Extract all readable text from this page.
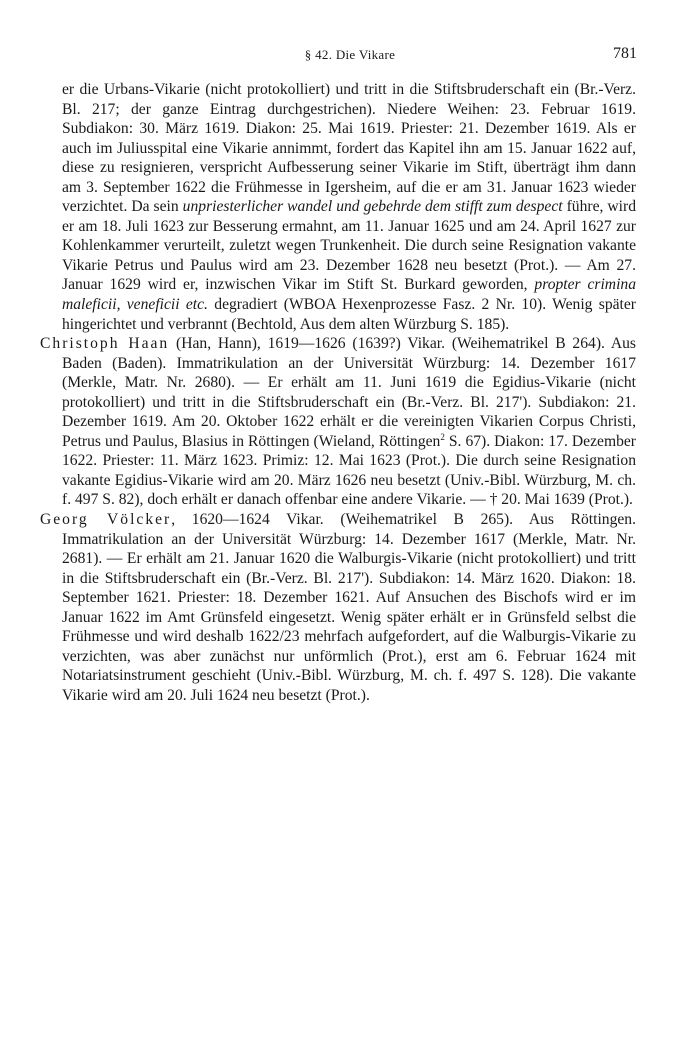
§ 42. Die Vikare	781

er die Urbans-Vikarie (nicht protokolliert) und tritt in die Stiftsbruderschaft ein (Br.-Verz. Bl. 217; der ganze Eintrag durchgestrichen). Niedere Weihen: 23. Februar 1619. Subdiakon: 30. März 1619. Diakon: 25. Mai 1619. Priester: 21. Dezember 1619. Als er auch im Juliusspital eine Vikarie annimmt, fordert das Kapitel ihn am 15. Januar 1622 auf, diese zu resignieren, verspricht Aufbesserung seiner Vikarie im Stift, überträgt ihm dann am 3. September 1622 die Frühmesse in Igersheim, auf die er am 31. Januar 1623 wieder verzichtet. Da sein unpriesterlicher wandel und gebehrde dem stifft zum despect führe, wird er am 18. Juli 1623 zur Besserung ermahnt, am 11. Januar 1625 und am 24. April 1627 zur Kohlenkammer verurteilt, zuletzt wegen Trunkenheit. Die durch seine Resignation vakante Vikarie Petrus und Paulus wird am 23. Dezember 1628 neu besetzt (Prot.). — Am 27. Januar 1629 wird er, inzwischen Vikar im Stift St. Burkard geworden, propter crimina maleficii, veneficii etc. degradiert (WBOA Hexenprozesse Fasz. 2 Nr. 10). Wenig später hingerichtet und verbrannt (Bechtold, Aus dem alten Würzburg S. 185).

Christoph Haan (Han, Hann), 1619—1626 (1639?) Vikar. (Weihematrikel B 264). Aus Baden (Baden). Immatrikulation an der Universität Würzburg: 14. Dezember 1617 (Merkle, Matr. Nr. 2680). — Er erhält am 11. Juni 1619 die Egidius-Vikarie (nicht protokolliert) und tritt in die Stiftsbruderschaft ein (Br.-Verz. Bl. 217'). Subdiakon: 21. Dezember 1619. Am 20. Oktober 1622 erhält er die vereinigten Vikarien Corpus Christi, Petrus und Paulus, Blasius in Röttingen (Wieland, Röttingen$^2$ S. 67). Diakon: 17. Dezember 1622. Priester: 11. März 1623. Primiz: 12. Mai 1623 (Prot.). Die durch seine Resignation vakante Egidius-Vikarie wird am 20. März 1626 neu besetzt (Univ.-Bibl. Würzburg, M. ch. f. 497 S. 82), doch erhält er danach offenbar eine andere Vikarie. — † 20. Mai 1639 (Prot.).

Georg Völcker, 1620—1624 Vikar. (Weihematrikel B 265). Aus Röttingen. Immatrikulation an der Universität Würzburg: 14. Dezember 1617 (Merkle, Matr. Nr. 2681). — Er erhält am 21. Januar 1620 die Walburgis-Vikarie (nicht protokolliert) und tritt in die Stiftsbruderschaft ein (Br.-Verz. Bl. 217'). Subdiakon: 14. März 1620. Diakon: 18. September 1621. Priester: 18. Dezember 1621. Auf Ansuchen des Bischofs wird er im Januar 1622 im Amt Grünsfeld eingesetzt. Wenig später erhält er in Grünsfeld selbst die Frühmesse und wird deshalb 1622/23 mehrfach aufgefordert, auf die Walburgis-Vikarie zu verzichten, was aber zunächst nur unförmlich (Prot.), erst am 6. Februar 1624 mit Notariatsinstrument geschieht (Univ.-Bibl. Würzburg, M. ch. f. 497 S. 128). Die vakante Vikarie wird am 20. Juli 1624 neu besetzt (Prot.).
